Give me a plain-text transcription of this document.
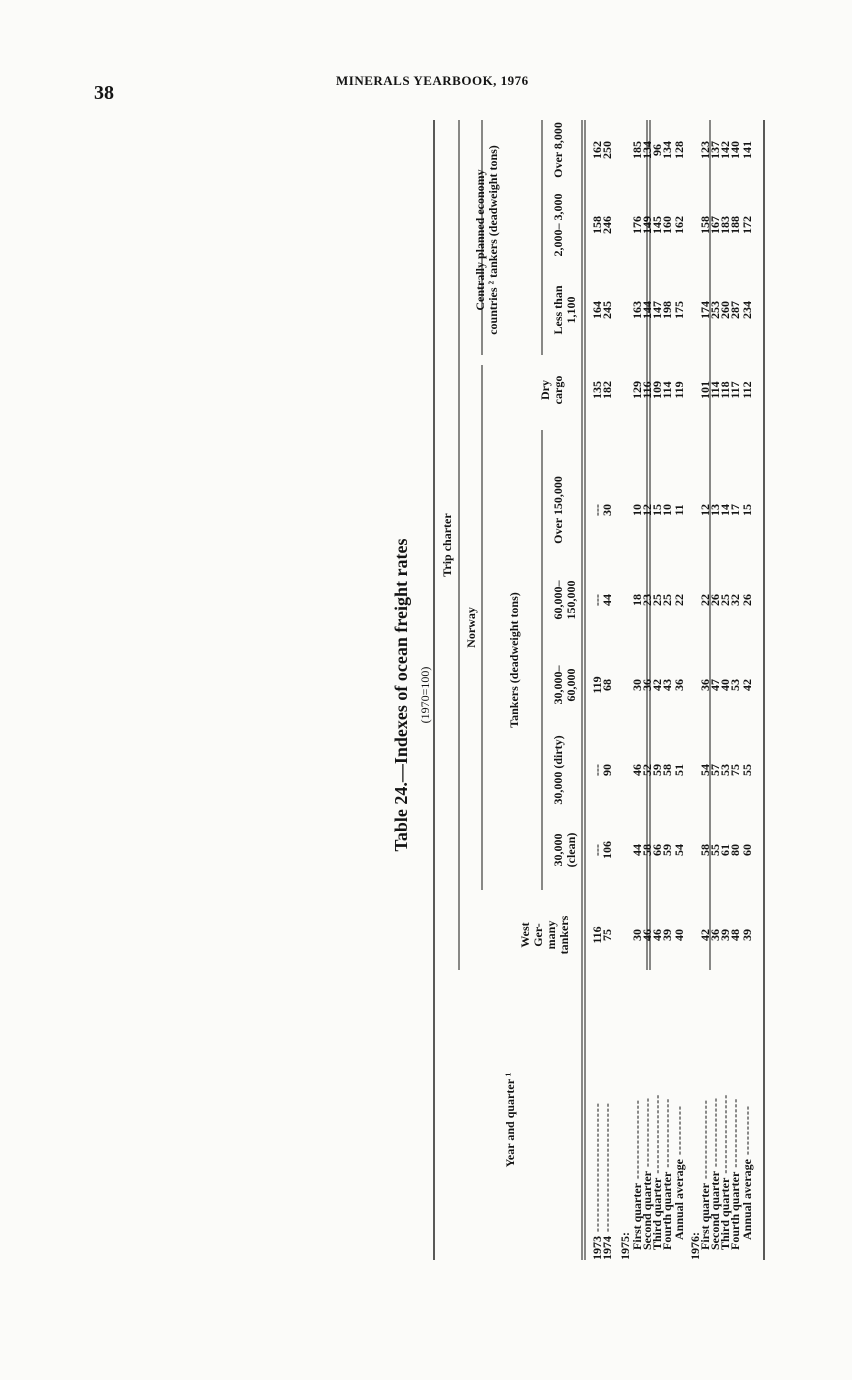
38
MINERALS YEARBOOK, 1976
Table 24.—Indexes of ocean freight rates (1970=100)
Year and quarter ¹
Trip charter
Norway
West Ger- many tankers
Tankers (deadweight tons)
Dry cargo
Centrally planned economy countries ² tankers (deadweight tons)
30,000 (clean)
30,000 (dirty)
30,000– 60,000
60,000– 150,000
Over 150,000
Less than 1,100
2,000– 3,000
Over 8,000
1973 --------------------------
1974 --------------------------
1975:
First quarter ----------------
Second quarter --------------
Third quarter ----------------
Fourth quarter --------------
Annual average ----------
1976:
First quarter ----------------
Second quarter --------------
Third quarter ----------------
Fourth quarter --------------
Annual average ----------
116
---
---
119
---
---
135
164
158
162
75
106
90
68
44
30
182
245
246
250
30
44
46
30
18
10
129
163
176
185
46
58
52
36
23
12
116
144
149
134
46
66
59
42
25
15
109
147
145
96
39
59
58
43
25
10
114
198
160
134
40
54
51
36
22
11
119
175
162
128
42
58
54
36
22
12
101
174
158
123
36
55
57
47
26
13
114
253
167
137
39
61
53
40
25
14
118
260
183
142
48
80
75
53
32
17
117
287
188
140
39
60
55
42
26
15
112
234
172
141
